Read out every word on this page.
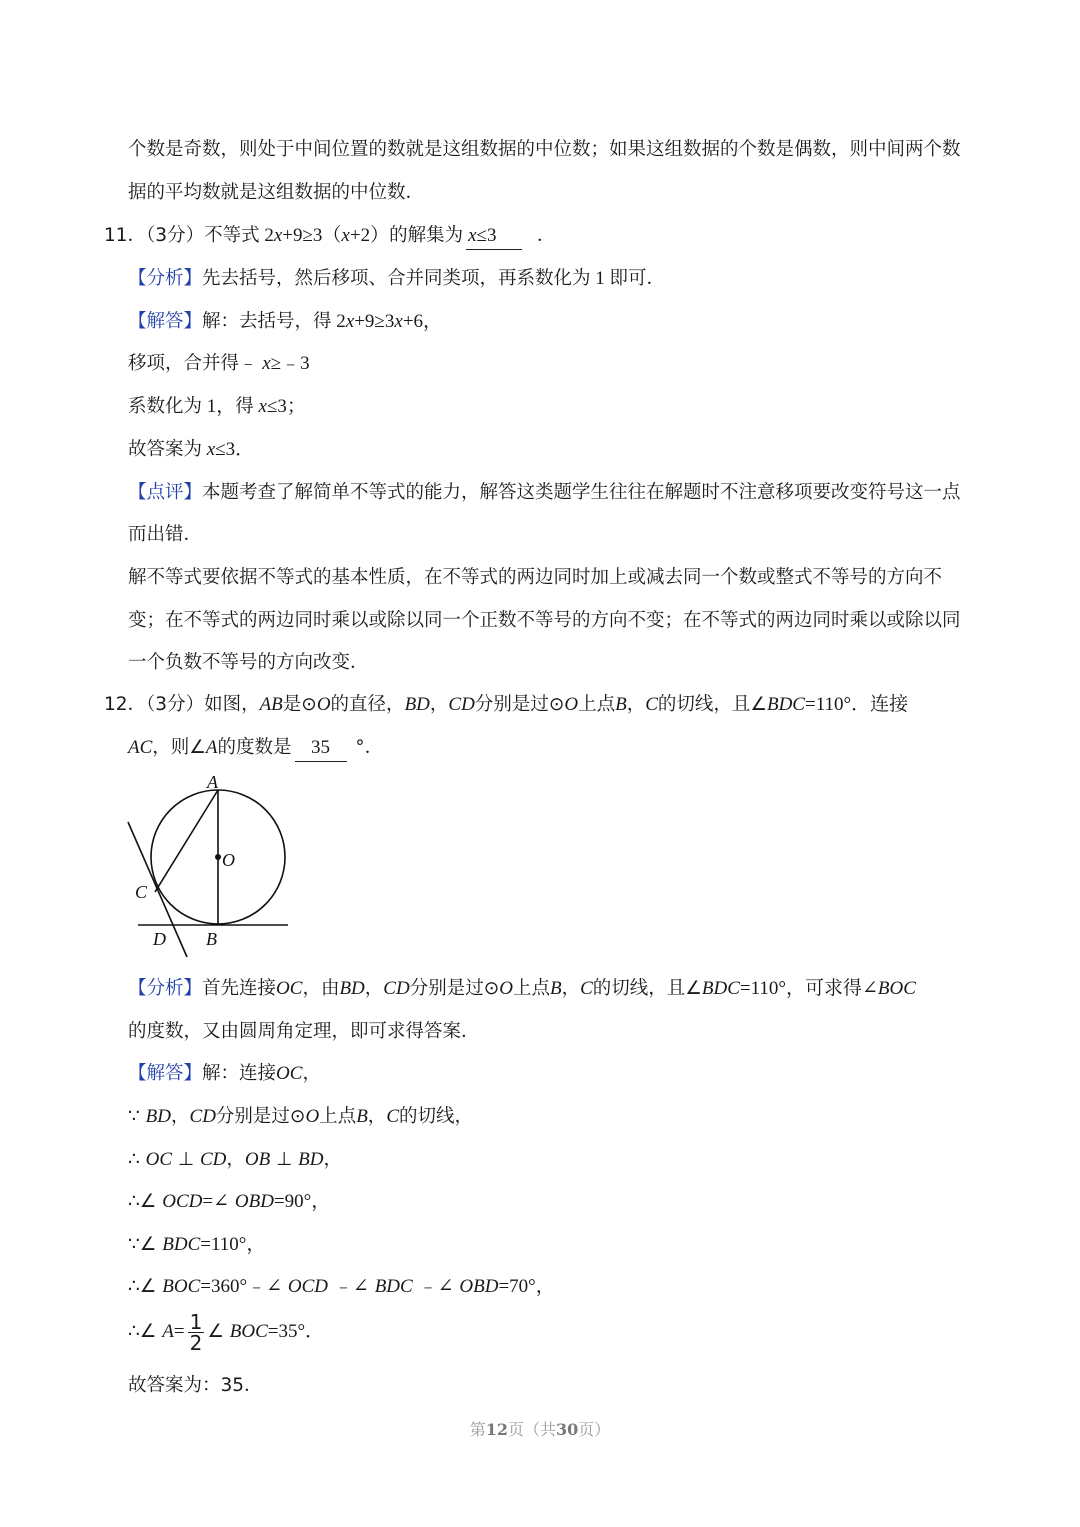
个数是奇数，则处于中间位置的数就是这组数据的中位数；如果这组数据的个数是偶数，则中间两个数
据的平均数就是这组数据的中位数．
11．（3分）不等式 2x+9≥3（x+2）的解集为 x≤3 ．
【分析】先去括号，然后移项、合并同类项，再系数化为 1 即可．
【解答】解：去括号，得 2x+9≥3x+6，
移项，合并得﹣ x≥﹣3
系数化为 1，得 x≤3；
故答案为 x≤3．
【点评】本题考查了解简单不等式的能力，解答这类题学生往往在解题时不注意移项要改变符号这一点
而出错．
解不等式要依据不等式的基本性质，在不等式的两边同时加上或减去同一个数或整式不等号的方向不
变；在不等式的两边同时乘以或除以同一个正数不等号的方向不变；在不等式的两边同时乘以或除以同
一个负数不等号的方向改变．
12．（3分）如图，AB是⊙O的直径，BD，CD分别是过⊙O上点B，C的切线，且∠BDC=110°．连接
AC，则∠A的度数是 35 °．
A
O
C
D B
【分析】首先连接OC，由BD，CD分别是过⊙O上点B，C的切线，且∠BDC=110°，可求得∠BOC
的度数，又由圆周角定理，即可求得答案．
【解答】解：连接OC，
∵ BD，CD分别是过⊙O上点B，C的切线，
∴ OC ⊥ CD，OB ⊥ BD，
∴∠ OCD=∠ OBD=90°，
∵∠ BDC=110°，
∴∠ BOC=360°﹣∠ OCD ﹣∠ BDC ﹣∠ OBD=70°，
∴∠ $A= \frac{1}{2}$ ∠ BOC=35°．
故答案为：35．
第12页（共30页）
